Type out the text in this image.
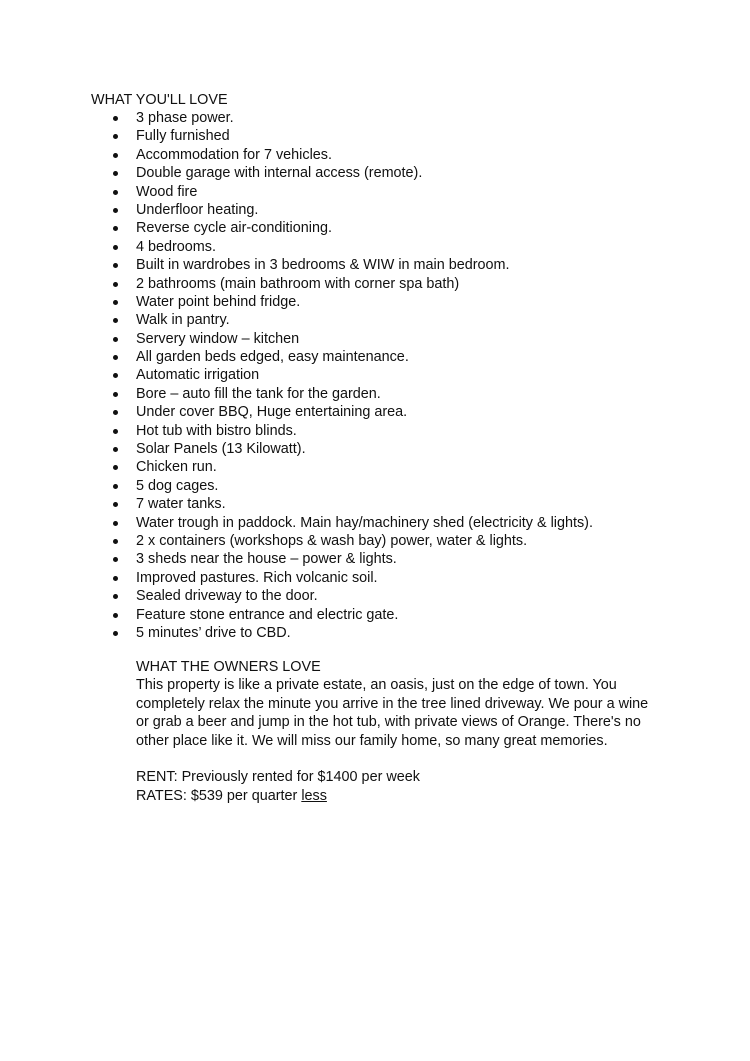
WHAT YOU'LL LOVE
3 phase power.
Fully furnished
Accommodation for 7 vehicles.
Double garage with internal access (remote).
Wood fire
Underfloor heating.
Reverse cycle air-conditioning.
4 bedrooms.
Built in wardrobes in 3 bedrooms & WIW in main bedroom.
2 bathrooms (main bathroom with corner spa bath)
Water point behind fridge.
Walk in pantry.
Servery window – kitchen
All garden beds edged, easy maintenance.
Automatic irrigation
Bore – auto fill the tank for the garden.
Under cover BBQ, Huge entertaining area.
Hot tub with bistro blinds.
Solar Panels (13 Kilowatt).
Chicken run.
5 dog cages.
7 water tanks.
Water trough in paddock. Main hay/machinery shed (electricity & lights).
2 x containers (workshops & wash bay) power, water & lights.
3 sheds near the house – power & lights.
Improved pastures. Rich volcanic soil.
Sealed driveway to the door.
Feature stone entrance and electric gate.
5 minutes’ drive to CBD.

WHAT THE OWNERS LOVE

This property is like a private estate, an oasis, just on the edge of town. You completely relax the minute you arrive in the tree lined driveway. We pour a wine or grab a beer and jump in the hot tub, with private views of Orange. There's no other place like it. We will miss our family home, so many great memories.

RENT: Previously rented for $1400 per week

RATES: $539 per quarter less
